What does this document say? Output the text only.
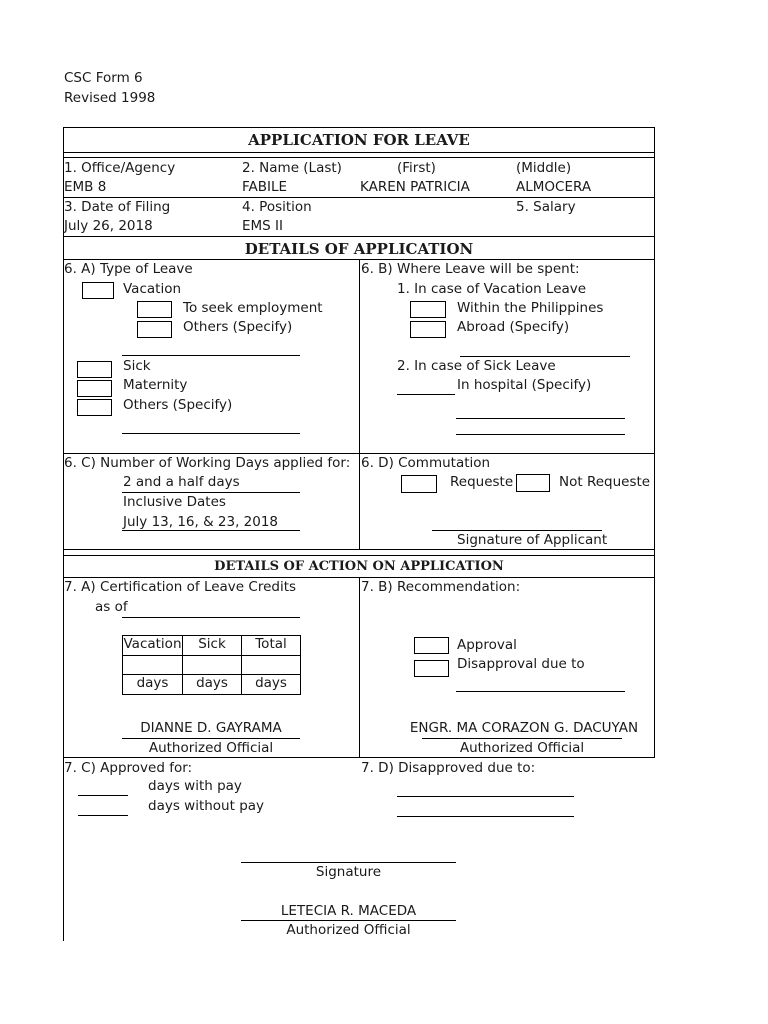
CSC Form 6
Revised 1998
APPLICATION FOR LEAVE
1. Office/Agency
EMB 8
2. Name (Last)
FABILE
(First)
KAREN PATRICIA
(Middle)
ALMOCERA
3. Date of Filing
July 26, 2018
4. Position
EMS II
5. Salary
DETAILS OF APPLICATION
6. A) Type of Leave
Vacation
To seek employment
Others (Specify)
Sick
Maternity
Others (Specify)
6. B) Where Leave will be spent:
1. In case of Vacation Leave
Within the Philippines
Abroad (Specify)
2. In case of Sick Leave
In hospital (Specify)
6. C) Number of Working Days applied for:
2 and a half days
Inclusive Dates
July 13, 16, & 23, 2018
6. D) Commutation
Requeste	Not Requeste
Signature of Applicant
DETAILS OF ACTION ON APPLICATION
7. A) Certification of Leave Credits
as of
Vacation	Sick	Total
days	days	days
DIANNE D. GAYRAMA
Authorized Official
7. B) Recommendation:
Approval
Disapproval due to
ENGR. MA CORAZON G. DACUYAN
Authorized Official
7. C) Approved for:
days with pay
days without pay
7. D) Disapproved due to:
Signature
LETECIA R. MACEDA
Authorized Official
